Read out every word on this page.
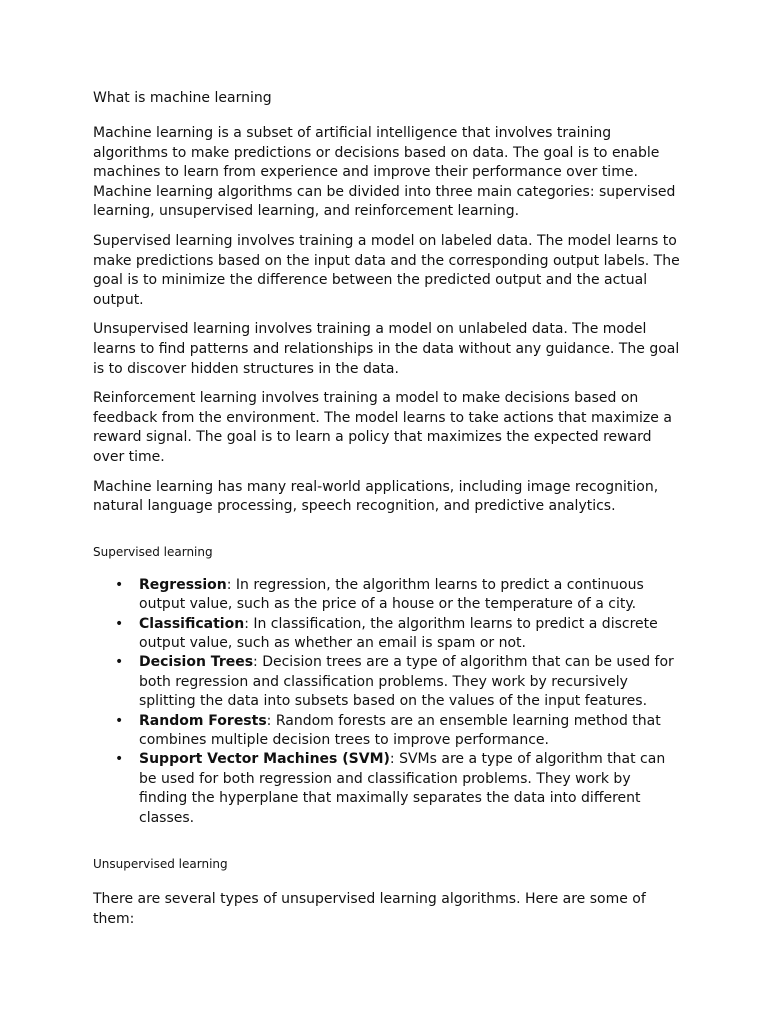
What is machine learning

Machine learning is a subset of artificial intelligence that involves training algorithms to make predictions or decisions based on data. The goal is to enable machines to learn from experience and improve their performance over time. Machine learning algorithms can be divided into three main categories: supervised learning, unsupervised learning, and reinforcement learning.

Supervised learning involves training a model on labeled data. The model learns to make predictions based on the input data and the corresponding output labels. The goal is to minimize the difference between the predicted output and the actual output.

Unsupervised learning involves training a model on unlabeled data. The model learns to find patterns and relationships in the data without any guidance. The goal is to discover hidden structures in the data.

Reinforcement learning involves training a model to make decisions based on feedback from the environment. The model learns to take actions that maximize a reward signal. The goal is to learn a policy that maximizes the expected reward over time.

Machine learning has many real-world applications, including image recognition, natural language processing, speech recognition, and predictive analytics.

Supervised learning
• Regression: In regression, the algorithm learns to predict a continuous output value, such as the price of a house or the temperature of a city.
• Classification: In classification, the algorithm learns to predict a discrete output value, such as whether an email is spam or not.
• Decision Trees: Decision trees are a type of algorithm that can be used for both regression and classification problems. They work by recursively splitting the data into subsets based on the values of the input features.
• Random Forests: Random forests are an ensemble learning method that combines multiple decision trees to improve performance.
• Support Vector Machines (SVM): SVMs are a type of algorithm that can be used for both regression and classification problems. They work by finding the hyperplane that maximally separates the data into different classes.
Unsupervised learning

There are several types of unsupervised learning algorithms. Here are some of them:
